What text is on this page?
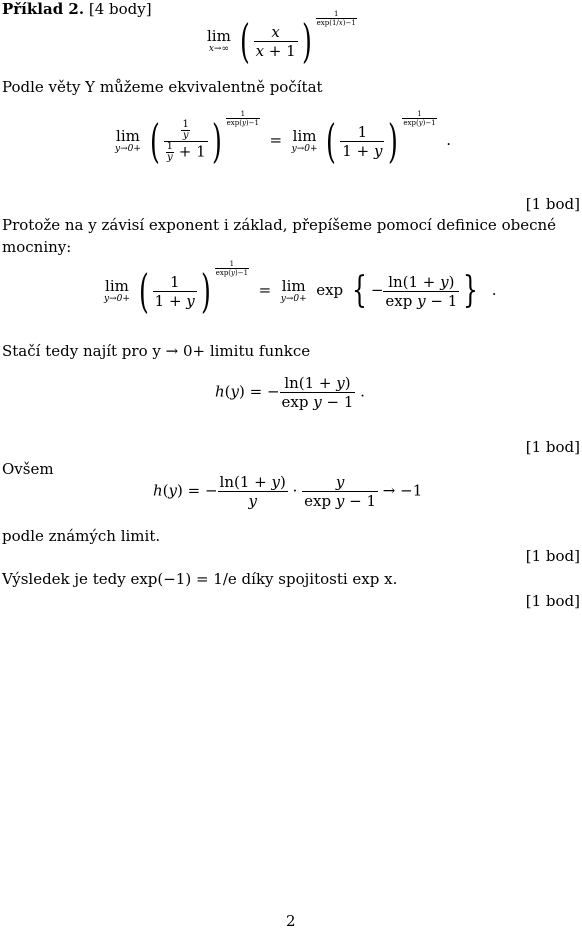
Příklad 2. [4 body]
lim
x→∞ ( $\frac{x}{x + 1}$ ) $\frac{1}{\exp(1/x)-1}$
Podle věty Y můžeme ekvivalentně počítat
lim
y→0+ ( $\frac{\frac{1}{y}}{\frac{1}{y} + 1}$ ) $\frac{1}{\exp(y)-1}$
= lim
y→0+ ( $\frac{1}{1 + y}$ ) $\frac{1}{\exp(y)-1}$
.
[1 bod]
Protože na y závisí exponent i základ, přepíšeme pomocí definice obecné
mocniny:
lim
y→0+ ( $\frac{1}{1 + y}$ ) $\frac{1}{\exp(y)-1}$
= lim
y→0+ exp { − $\frac{\ln(1 + y)}{\text{exp y − 1}}$ }  .
Stačí tedy najít pro y → 0+ limitu funkce
h(y) = − $\frac{\ln(1 + y)}{\text{exp y − 1}}$ .
[1 bod]
Ovšem
h(y) = − $\frac{\ln(1 + y)}{y} \cdot \frac{y}{\text{exp y − 1}} \to -1$
podle známých limit.
[1 bod]
Výsledek je tedy exp(−1) = 1/e díky spojitosti exp x.
[1 bod]
2
